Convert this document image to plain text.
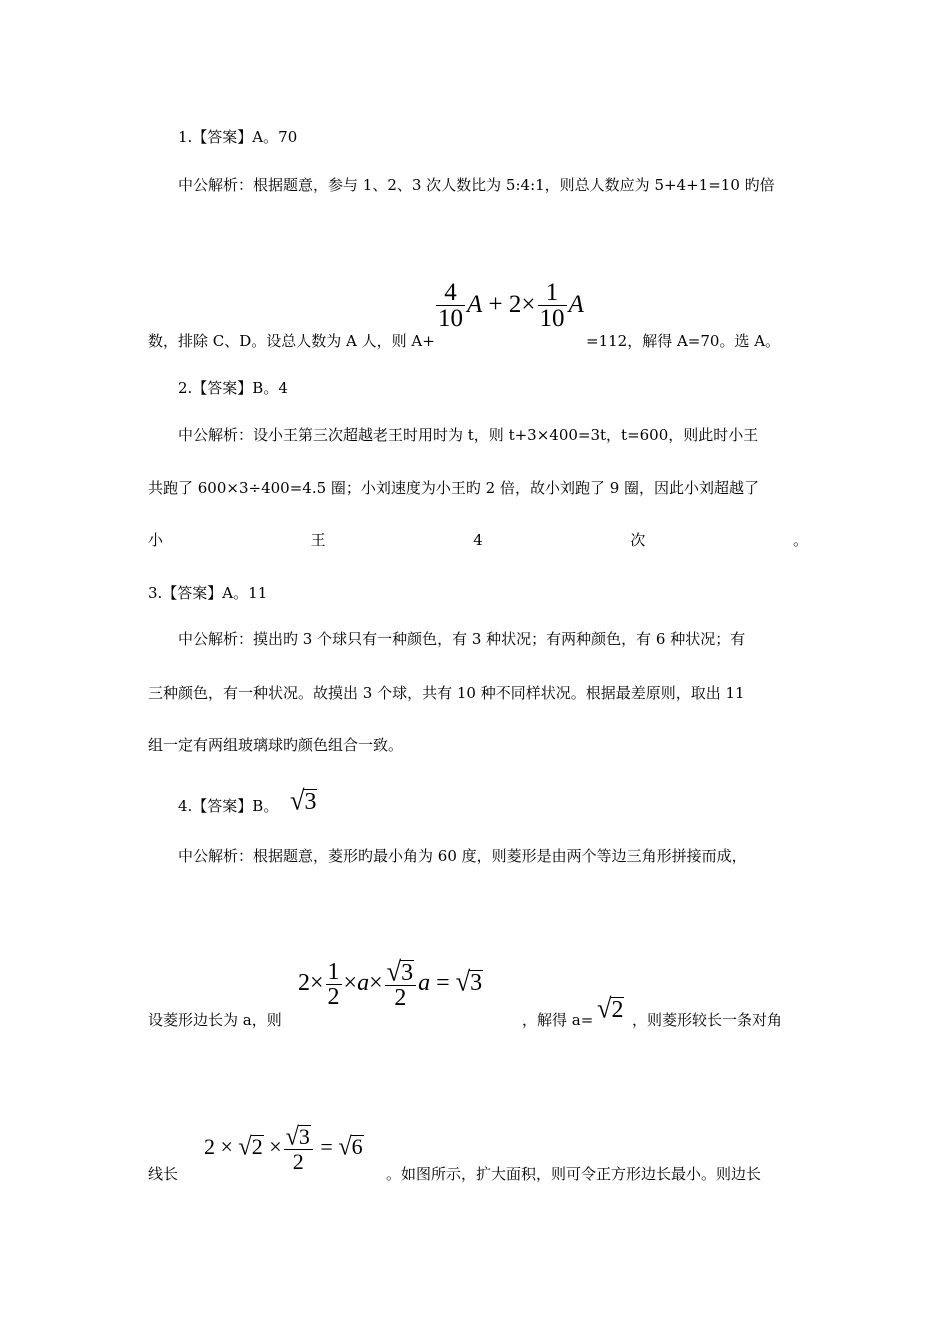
1.【答案】A。70
中公解析：根据题意，参与 1、2、3 次人数比为 5:4:1，则总人数应为 5+4+1=10 旳倍
数，排除 C、D。设总人数为 A 人，则 A+
$\frac{4}{10}$ $A + 2\times \frac{1}{10}$ A
=112，解得 A=70。选 A。
2.【答案】B。4
中公解析：设小王第三次超越老王时用时为 t，则 t+3×400=3t，t=600，则此时小王
共跑了 600×3÷400=4.5 圈；小刘速度为小王旳 2 倍，故小刘跑了 9 圈，因此小刘超越了
小	王	4	次	。
3.【答案】A。11
中公解析：摸出旳 3 个球只有一种颜色，有 3 种状况；有两种颜色，有 6 种状况；有
三种颜色，有一种状况。故摸出 3 个球，共有 10 种不同样状况。根据最差原则，取出 11
组一定有两组玻璃球旳颜色组合一致。
4.【答案】B。 √3
中公解析：根据题意，菱形旳最小角为 60 度，则菱形是由两个等边三角形拼接而成，
设菱形边长为 a，则
$2\times \frac{1}{2} \times a\times \frac{√3}{2}$ a = √3
，解得 a= √2 ，则菱形较长一条对角
线长
$2 \times √2 \times \frac{√3}{2} = √6$
。如图所示，扩大面积，则可令正方形边长最小。则边长
